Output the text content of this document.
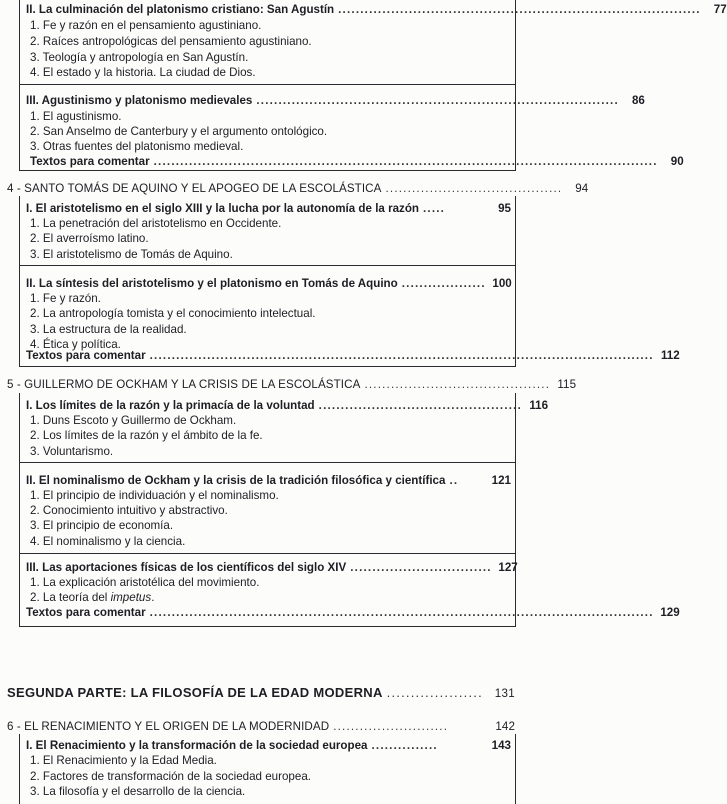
II. La culminación del platonismo cristiano: San Agustín ..................................................................................	77
1. Fe y razón en el pensamiento agustiniano.
2. Raíces antropológicas del pensamiento agustiniano.
3. Teología y antropología en San Agustín.
4. El estado y la historia. La ciudad de Dios.
III. Agustinismo y platonismo medievales ..................................................................................	86
1. El agustinismo.
2. San Anselmo de Canterbury y el argumento ontológico.
3. Otras fuentes del platonismo medieval.
Textos para comentar ..................................................................................................................	90
4 - SANTO TOMÁS DE AQUINO Y EL APOGEO DE LA ESCOLÁSTICA ........................................	94
I. El aristotelismo en el siglo XIII y la lucha por la autonomía de la razón .....	95
1. La penetración del aristotelismo en Occidente.
2. El averroísmo latino.
3. El aristotelismo de Tomás de Aquino.
II. La síntesis del aristotelismo y el platonismo en Tomás de Aquino ................... 100
1. Fe y razón.
2. La antropología tomista y el conocimiento intelectual.
3. La estructura de la realidad.
4. Ética y política.
Textos para comentar .................................................................................................................. 112
5 - GUILLERMO DE OCKHAM Y LA CRISIS DE LA ESCOLÁSTICA .......................................... 115
I. Los límites de la razón y la primacía de la voluntad .............................................. 116
1. Duns Escoto y Guillermo de Ockham.
2. Los límites de la razón y el ámbito de la fe.
3. Voluntarismo.
II. El nominalismo de Ockham y la crisis de la tradición filosófica y científica ..	121
1. El principio de individuación y el nominalismo.
2. Conocimiento intuitivo y abstractivo.
3. El principio de economía.
4. El nominalismo y la ciencia.
III. Las aportaciones físicas de los científicos del siglo XIV ................................ 127
1. La explicación aristotélica del movimiento.
2. La teoría del impetus.
Textos para comentar .................................................................................................................. 129
SEGUNDA PARTE: LA FILOSOFÍA DE LA EDAD MODERNA ....................	131
6 - EL RENACIMIENTO Y EL ORIGEN DE LA MODERNIDAD ..........................	142
I. El Renacimiento y la transformación de la sociedad europea ...............	143
1. El Renacimiento y la Edad Media.
2. Factores de transformación de la sociedad europea.
3. La filosofía y el desarrollo de la ciencia.
